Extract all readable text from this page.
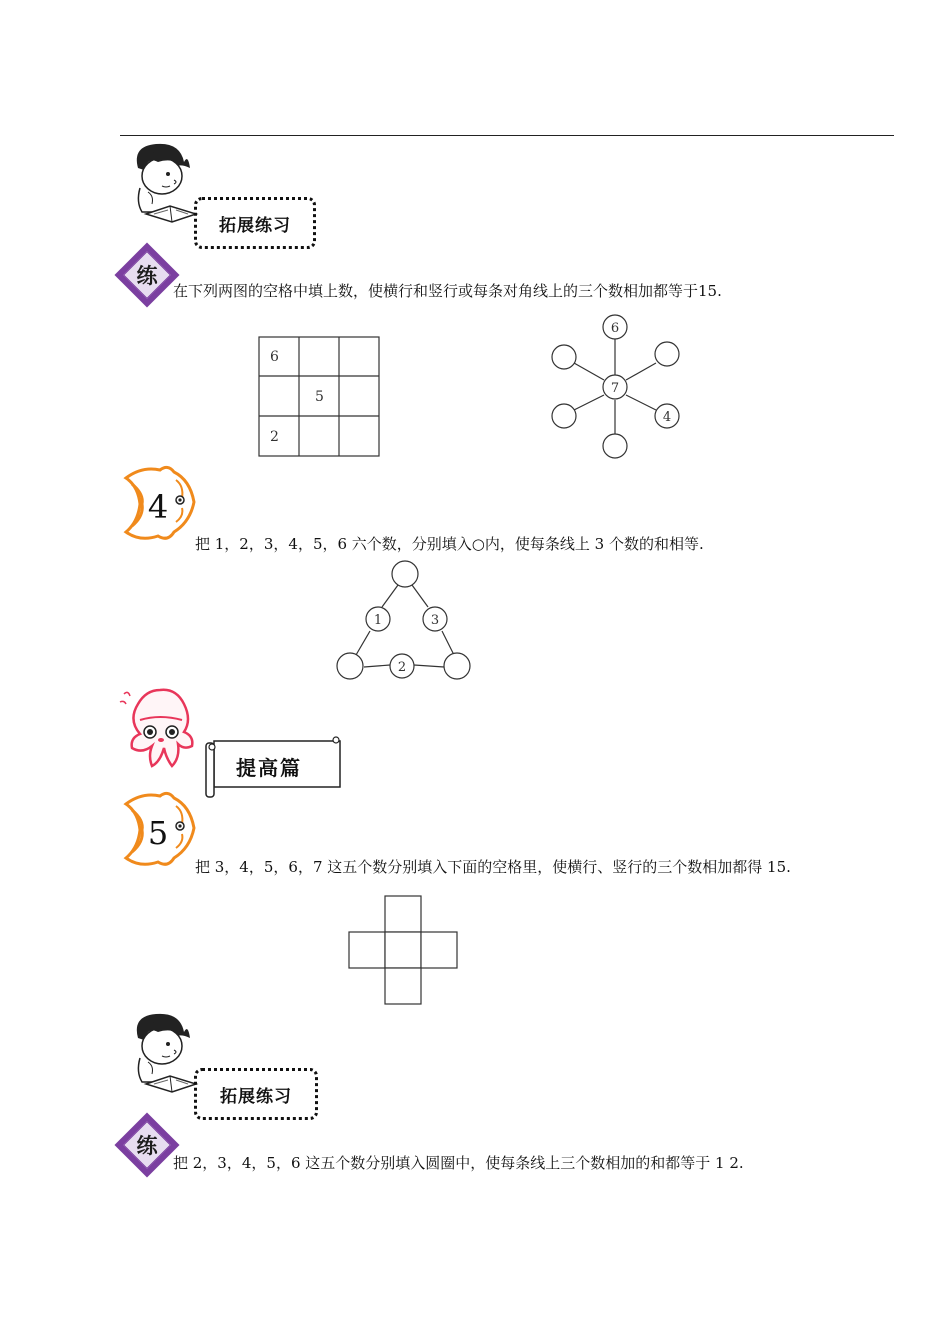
拓展练习
练
在下列两图的空格中填上数，使横行和竖行或每条对角线上的三个数相加都等于15.
6
5
2
6
7
4
4
把 1，2，3，4，5，6 六个数，分别填入○内，使每条线上 3 个数的和相等.
1	3
2
提高篇
5
把 3，4，5，6，7 这五个数分别填入下面的空格里，使横行、竖行的三个数相加都得 15.
拓展练习
练
把 2，3，4，5，6 这五个数分别填入圆圈中，使每条线上三个数相加的和都等于 1 2.
